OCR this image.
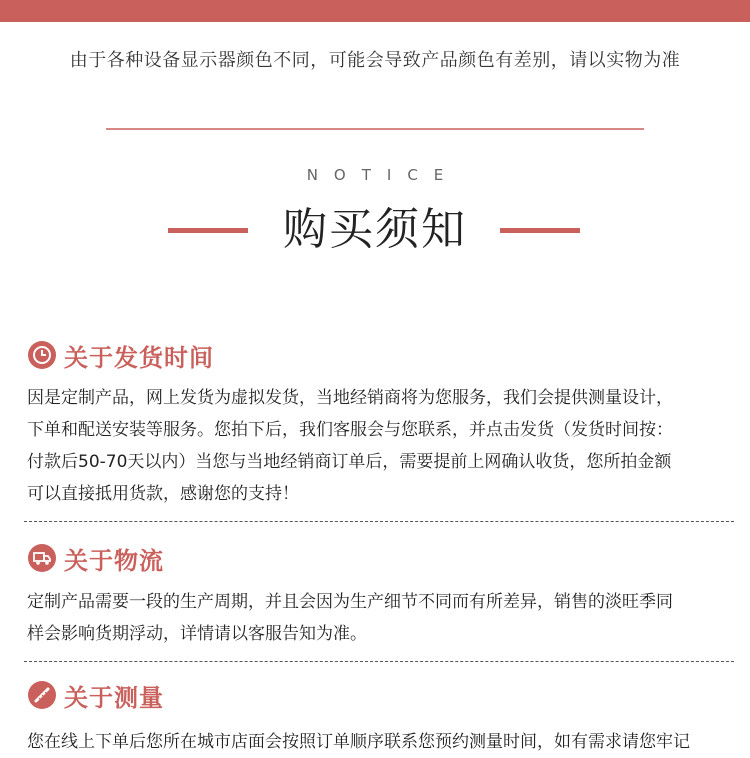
由于各种设备显示器颜色不同，可能会导致产品颜色有差别，请以实物为准
NOTICE
购买须知
关于发货时间
因是定制产品，网上发货为虚拟发货，当地经销商将为您服务，我们会提供测量设计，
下单和配送安装等服务。您拍下后，我们客服会与您联系，并点击发货（发货时间按：
付款后50-70天以内）当您与当地经销商订单后，需要提前上网确认收货，您所拍金额
可以直接抵用货款，感谢您的支持！
关于物流
定制产品需要一段的生产周期，并且会因为生产细节不同而有所差异，销售的淡旺季同
样会影响货期浮动，详情请以客服告知为准。
关于测量
您在线上下单后您所在城市店面会按照订单顺序联系您预约测量时间，如有需求请您牢记
